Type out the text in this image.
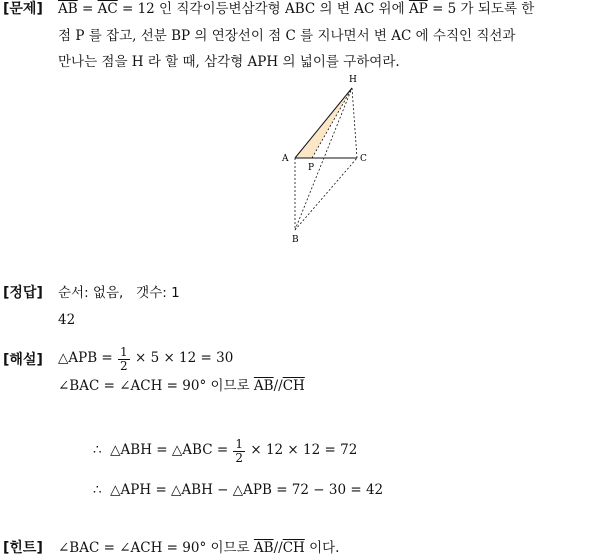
[문제] $\overline{AB} = \overline{AC} = 12$ 인 직각이등변삼각형 ABC 의 변 AC 위에 $\overline{AP} = 5$ 가 되도록 한
점 P 를 잡고, 선분 BP 의 연장선이 점 C 를 지나면서 변 AC 에 수직인 직선과
만나는 점을 H 라 할 때, 삼각형 APH 의 넓이를 구하여라.
H
A	C
P
B
[정답] 순서: 없음,   갯수: 1
42
[해설] △APB = $\frac{1}{2} \times 5 \times 12 = 30$
∠BAC = ∠ACH = 90° 이므로 $\overline{AB}//\overline{CH}$
∴  △ABH = △ABC = $\frac{1}{2} \times 12 \times 12 = 72$
∴  △APH = △ABH − △APB = 72 − 30 = 42
[힌트] ∠BAC = ∠ACH = 90° 이므로 $\overline{AB}//\overline{CH}$ 이다.
